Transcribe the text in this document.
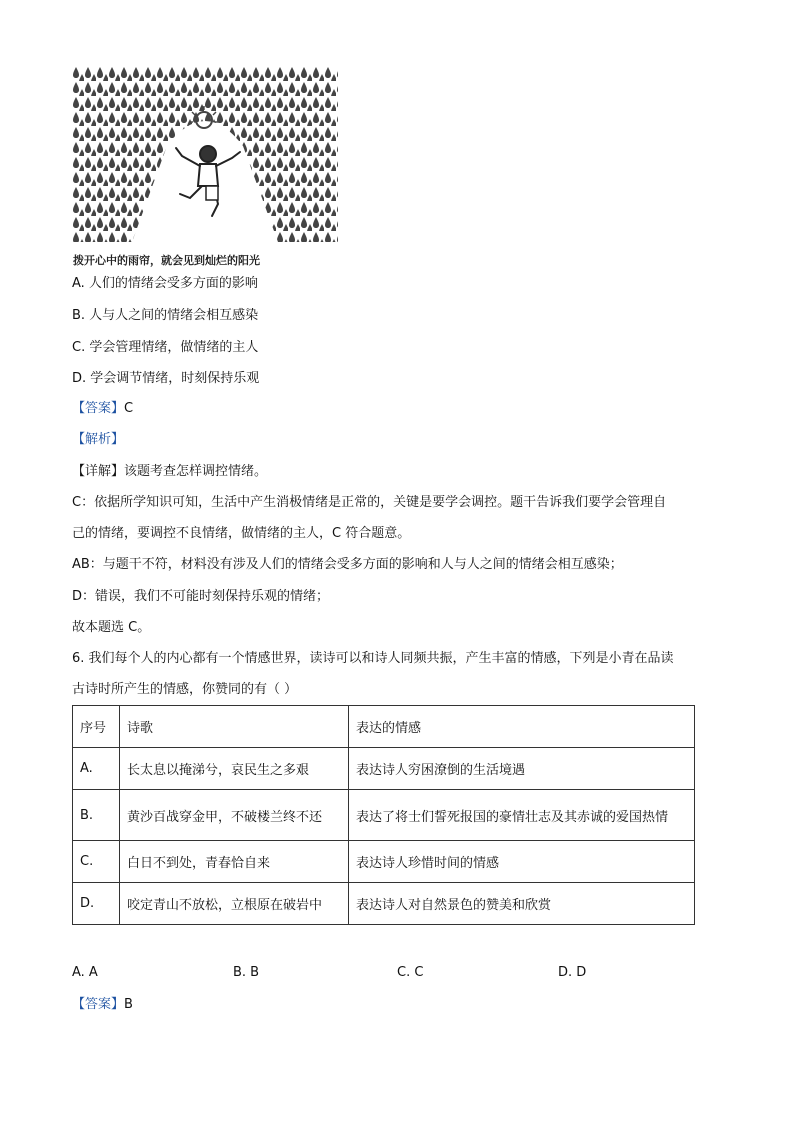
拨开心中的雨帘，就会见到灿烂的阳光
A. 人们的情绪会受多方面的影响
B. 人与人之间的情绪会相互感染
C. 学会管理情绪，做情绪的主人
D. 学会调节情绪，时刻保持乐观
【答案】C
【解析】
【详解】该题考查怎样调控情绪。
C：依据所学知识可知，生活中产生消极情绪是正常的，关键是要学会调控。题干告诉我们要学会管理自
己的情绪，要调控不良情绪，做情绪的主人，C 符合题意。
AB：与题干不符，材料没有涉及人们的情绪会受多方面的影响和人与人之间的情绪会相互感染；
D：错误，我们不可能时刻保持乐观的情绪；
故本题选 C。
6. 我们每个人的内心都有一个情感世界，读诗可以和诗人同频共振，产生丰富的情感，下列是小青在品读
古诗时所产生的情感，你赞同的有（ ）
序号	诗歌	表达的情感
A.	长太息以掩涕兮，哀民生之多艰	表达诗人穷困潦倒的生活境遇
B.	黄沙百战穿金甲，不破楼兰终不还	表达了将士们誓死报国的豪情壮志及其赤诚的爱国热情
C.	白日不到处，青春恰自来	表达诗人珍惜时间的情感
D.	咬定青山不放松，立根原在破岩中	表达诗人对自然景色的赞美和欣赏
A. A	B. B	C. C	D. D
【答案】B
